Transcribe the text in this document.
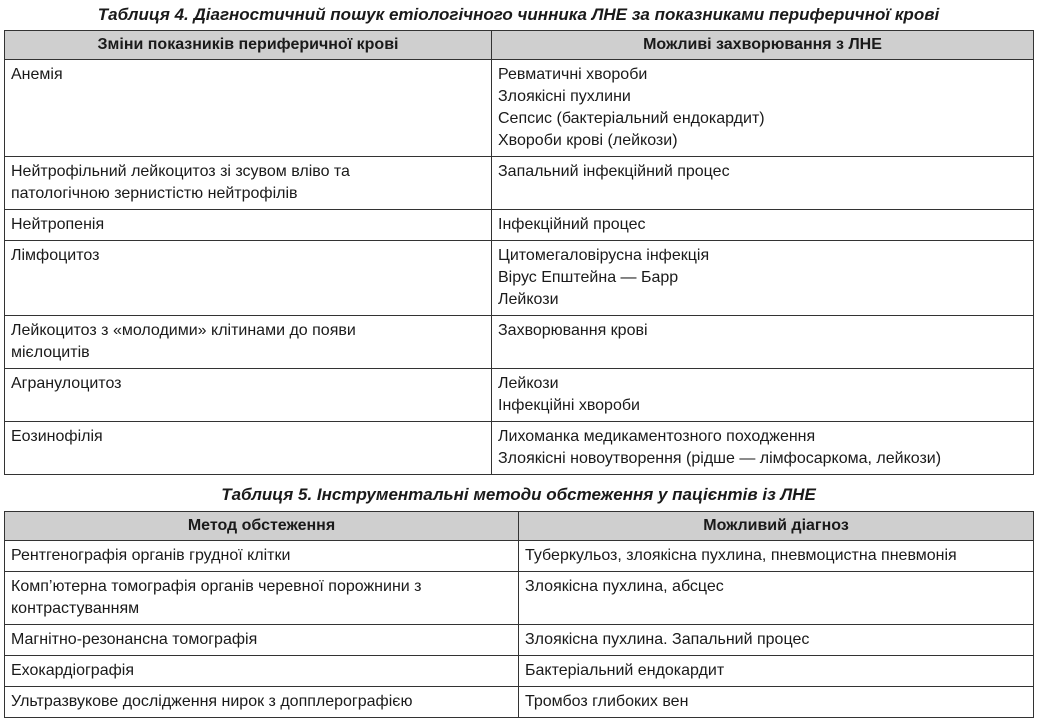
Таблиця 4. Діагностичний пошук етіологічного чинника ЛНЕ за показниками периферичної крові
Зміни показників периферичної крові	Можливі захворювання з ЛНЕ

Анемія	Ревматичні хвороби
Злоякісні пухлини
Сепсис (бактеріальний ендокардит)
Хвороби крові (лейкози)

Нейтрофільний лейкоцитоз зі зсувом вліво та
патологічною зернистістю нейтрофілів	Запальний інфекційний процес

Нейтропенія	Інфекційний процес

Лімфоцитоз	Цитомегаловірусна інфекція
Вірус Епштейна — Барр
Лейкози

Лейкоцитоз з «молодими» клітинами до появи
мієлоцитів	Захворювання крові

Агранулоцитоз	Лейкози
Інфекційні хвороби

Еозинофілія	Лихоманка медикаментозного походження
Злоякісні новоутворення (рідше — лімфосаркома, лейкози)
Таблиця 5. Інструментальні методи обстеження у пацієнтів із ЛНЕ
Метод обстеження	Можливий діагноз

Рентгенографія органів грудної клітки	Туберкульоз, злоякісна пухлина, пневмоцистна пневмонія

Комп’ютерна томографія органів черевної порожнини з
контрастуванням	Злоякісна пухлина, абсцес

Магнітно-резонансна томографія	Злоякісна пухлина. Запальний процес

Ехокардіографія	Бактеріальний ендокардит

Ультразвукове дослідження нирок з допплерографією	Тромбоз глибоких вен
